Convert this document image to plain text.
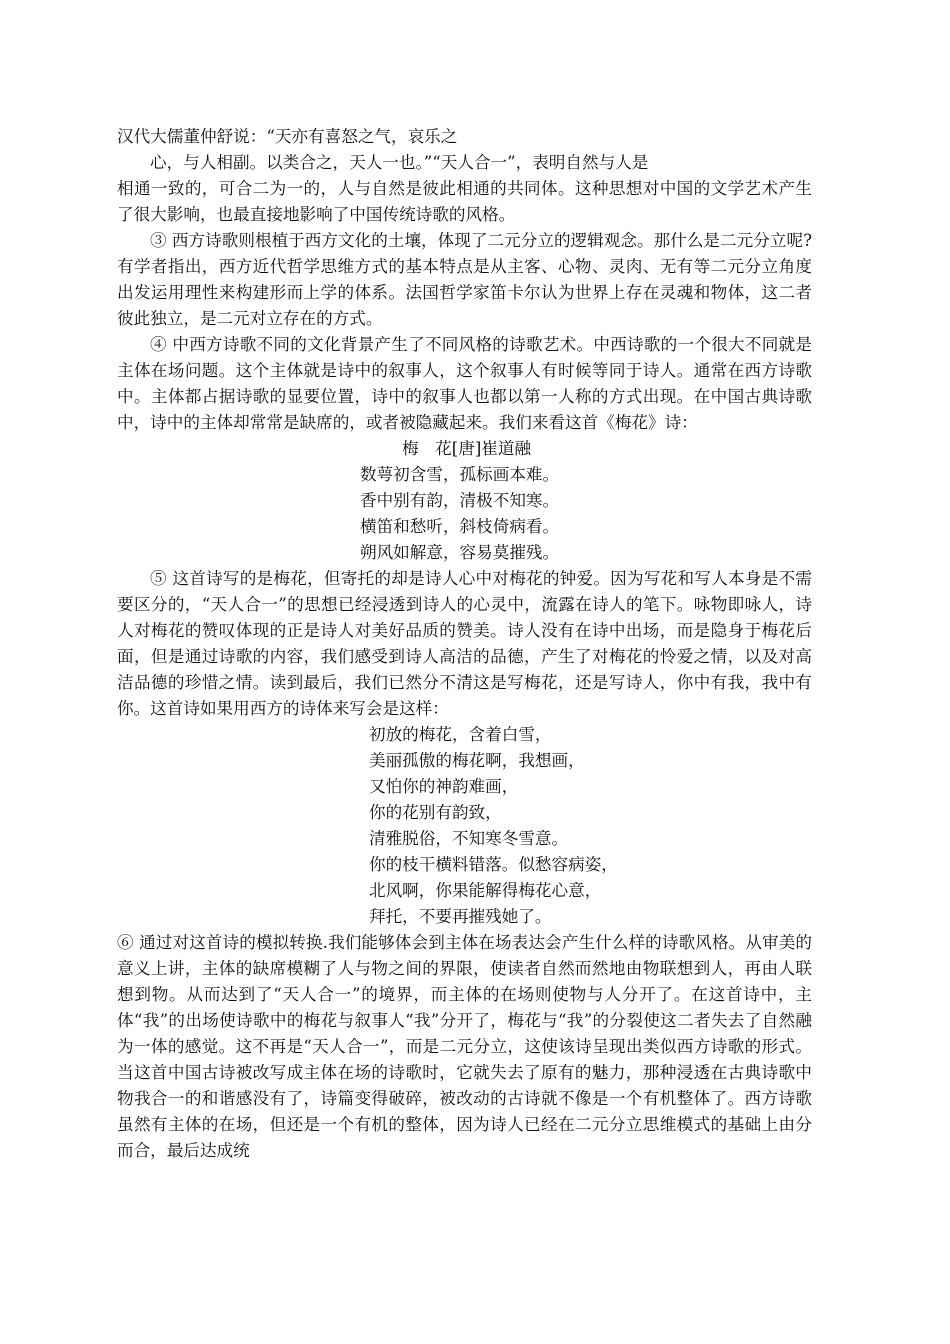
汉代大儒董仲舒说：“天亦有喜怒之气，哀乐之
心，与人相副。以类合之，天人一也。”“天人合一”，表明自然与人是

相通一致的，可合二为一的，人与自然是彼此相通的共同体。这种思想对中国的文学艺术产生了很大影响，也最直接地影响了中国传统诗歌的风格。

③ 西方诗歌则根植于西方文化的土壤，体现了二元分立的逻辑观念。那什么是二元分立呢?有学者指出，西方近代哲学思维方式的基本特点是从主客、心物、灵肉、无有等二元分立角度出发运用理性来构建形而上学的体系。法国哲学家笛卡尔认为世界上存在灵魂和物体，这二者彼此独立，是二元对立存在的方式。

④ 中西方诗歌不同的文化背景产生了不同风格的诗歌艺术。中西诗歌的一个很大不同就是主体在场问题。这个主体就是诗中的叙事人，这个叙事人有时候等同于诗人。通常在西方诗歌中。主体都占据诗歌的显要位置，诗中的叙事人也都以第一人称的方式出现。在中国古典诗歌中，诗中的主体却常常是缺席的，或者被隐藏起来。我们来看这首《梅花》诗：

梅　花[唐]崔道融
数萼初含雪，孤标画本难。
香中别有韵，清极不知寒。
横笛和愁听，斜枝倚病看。
朔风如解意，容易莫摧残。

⑤ 这首诗写的是梅花，但寄托的却是诗人心中对梅花的钟爱。因为写花和写人本身是不需要区分的，“天人合一”的思想已经浸透到诗人的心灵中，流露在诗人的笔下。咏物即咏人，诗人对梅花的赞叹体现的正是诗人对美好品质的赞美。诗人没有在诗中出场，而是隐身于梅花后面，但是通过诗歌的内容，我们感受到诗人高洁的品德，产生了对梅花的怜爱之情，以及对高洁品德的珍惜之情。读到最后，我们已然分不清这是写梅花，还是写诗人，你中有我，我中有你。这首诗如果用西方的诗体来写会是这样：

初放的梅花，含着白雪，
美丽孤傲的梅花啊，我想画，
又怕你的神韵难画，
你的花别有韵致，
清雅脱俗，不知寒冬雪意。
你的枝干横料错落。似愁容病姿，
北风啊，你果能解得梅花心意，
拜托，不要再摧残她了。

⑥ 通过对这首诗的模拟转换.我们能够体会到主体在场表达会产生什么样的诗歌风格。从审美的意义上讲，主体的缺席模糊了人与物之间的界限，使读者自然而然地由物联想到人，再由人联想到物。从而达到了“天人合一”的境界，而主体的在场则使物与人分开了。在这首诗中，主体“我”的出场使诗歌中的梅花与叙事人“我”分开了，梅花与“我”的分裂使这二者失去了自然融为一体的感觉。这不再是“天人合一”，而是二元分立，这使该诗呈现出类似西方诗歌的形式。当这首中国古诗被改写成主体在场的诗歌时，它就失去了原有的魅力，那种浸透在古典诗歌中物我合一的和谐感没有了，诗篇变得破碎，被改动的古诗就不像是一个有机整体了。西方诗歌虽然有主体的在场，但还是一个有机的整体，因为诗人已经在二元分立思维模式的基础上由分而合，最后达成统
